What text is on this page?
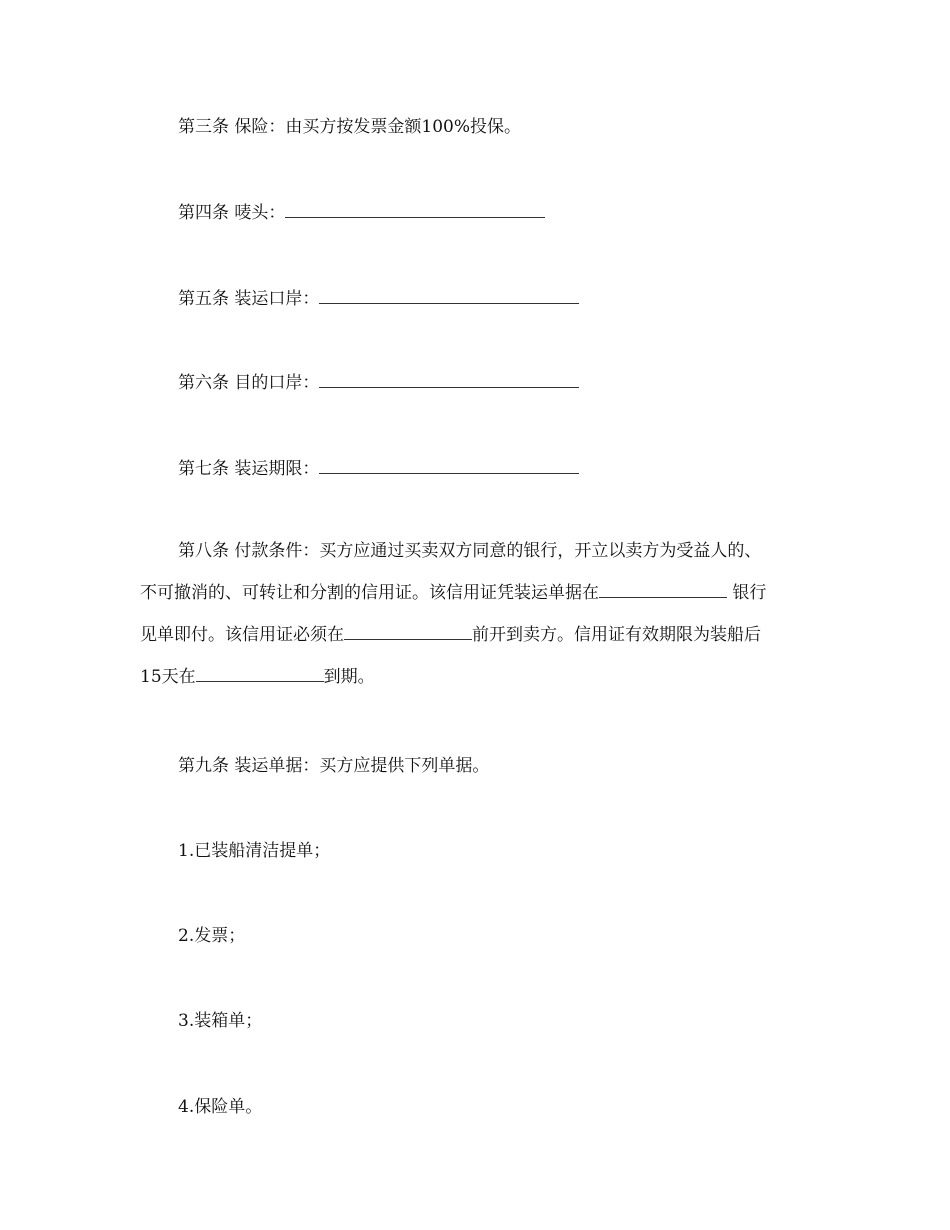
第三条 保险：由买方按发票金额100%投保。
第四条 唛头：
第五条 装运口岸：
第六条 目的口岸：
第七条 装运期限：
第八条 付款条件：买方应通过买卖双方同意的银行，开立以卖方为受益人的、
不可撤消的、可转让和分割的信用证。该信用证凭装运单据在	银行
见单即付。该信用证必须在	前开到卖方。信用证有效期限为装船后
15天在	到期。
第九条 装运单据：买方应提供下列单据。
1.已装船清洁提单；
2.发票；
3.装箱单；
4.保险单。
